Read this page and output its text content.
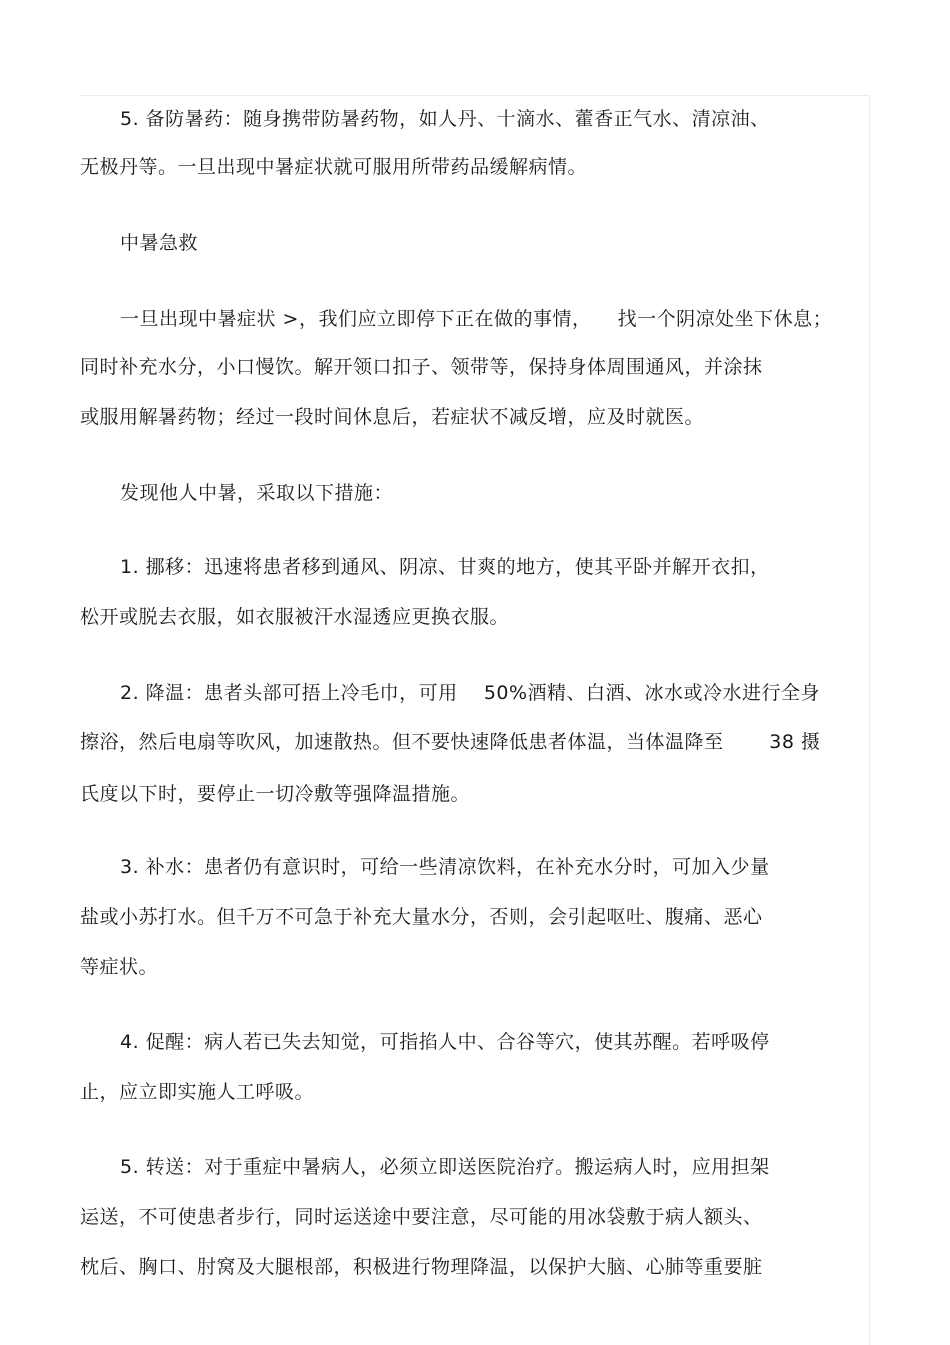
5. 备防暑药：随身携带防暑药物，如人丹、十滴水、藿香正气水、清凉油、
无极丹等。一旦出现中暑症状就可服用所带药品缓解病情。
中暑急救
一旦出现中暑症状 >，我们应立即停下正在做的事情，    找一个阴凉处坐下休息；
同时补充水分，小口慢饮。解开领口扣子、领带等，保持身体周围通风，并涂抹
或服用解暑药物；经过一段时间休息后，若症状不减反增，应及时就医。
发现他人中暑，采取以下措施：
1. 挪移：迅速将患者移到通风、阴凉、甘爽的地方，使其平卧并解开衣扣，
松开或脱去衣服，如衣服被汗水湿透应更换衣服。
2. 降温：患者头部可捂上冷毛巾，可用    50%酒精、白酒、冰水或冷水进行全身
擦浴，然后电扇等吹风，加速散热。但不要快速降低患者体温，当体温降至       38 摄
氏度以下时，要停止一切冷敷等强降温措施。
3. 补水：患者仍有意识时，可给一些清凉饮料，在补充水分时，可加入少量
盐或小苏打水。但千万不可急于补充大量水分，否则，会引起呕吐、腹痛、恶心
等症状。
4. 促醒：病人若已失去知觉，可指掐人中、合谷等穴，使其苏醒。若呼吸停
止，应立即实施人工呼吸。
5. 转送：对于重症中暑病人，必须立即送医院治疗。搬运病人时，应用担架
运送，不可使患者步行，同时运送途中要注意，尽可能的用冰袋敷于病人额头、
枕后、胸口、肘窝及大腿根部，积极进行物理降温，以保护大脑、心肺等重要脏
